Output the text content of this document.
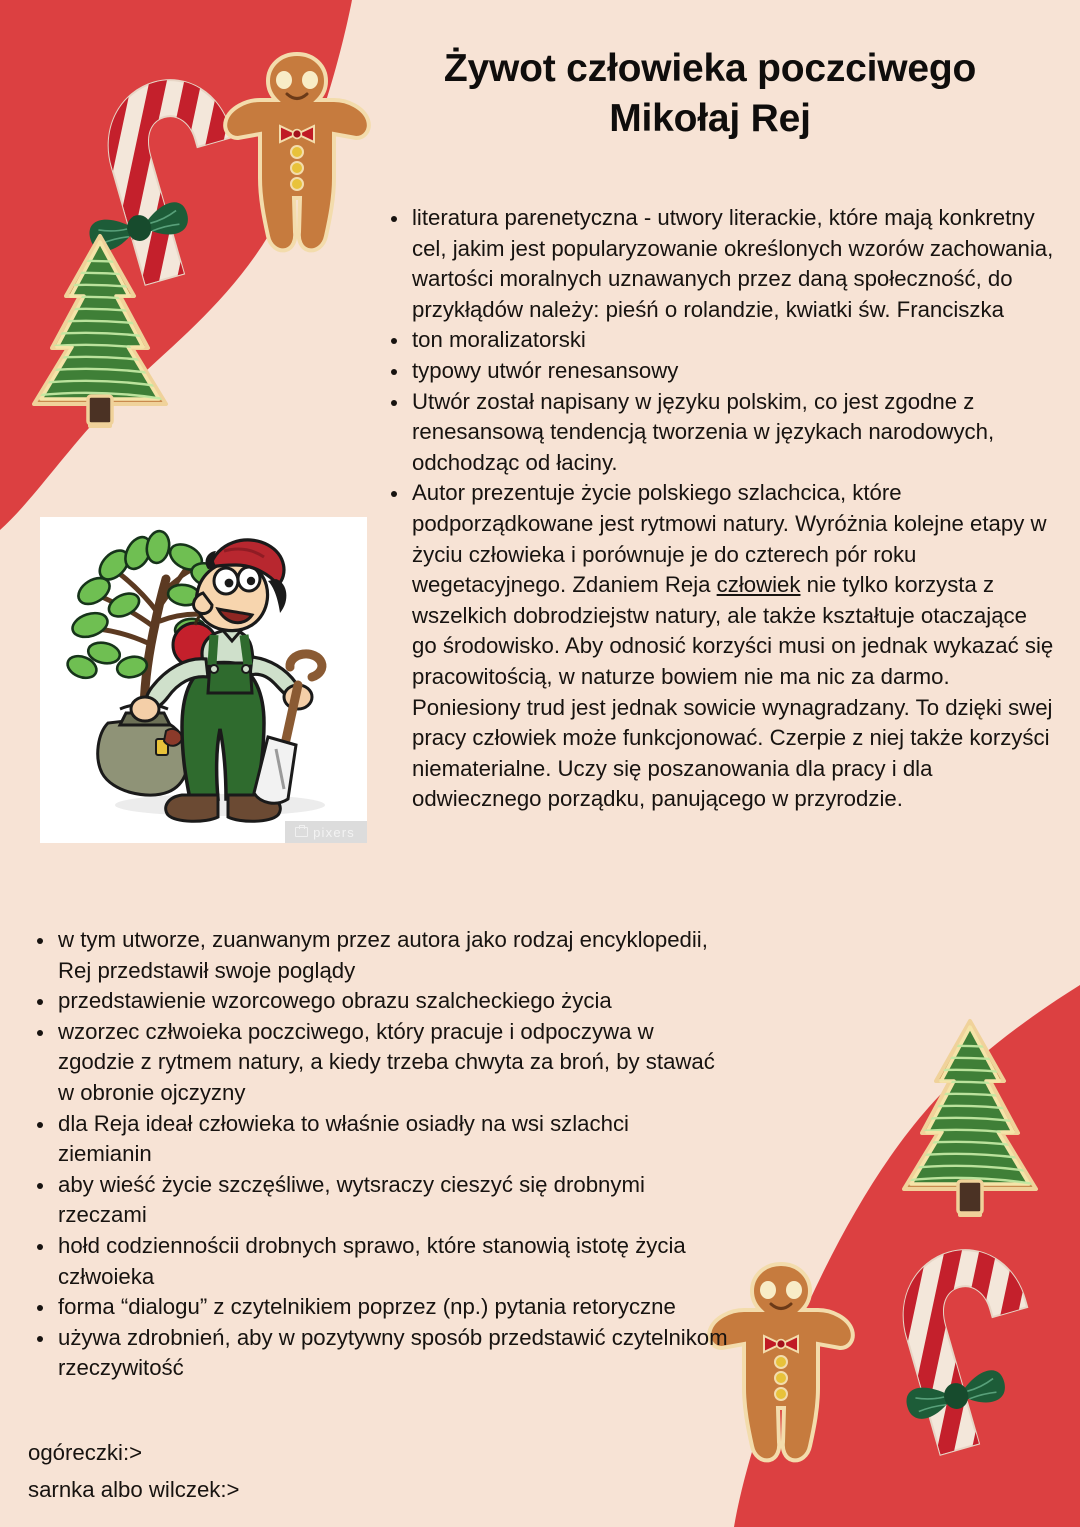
Żywot człowieka poczciwego
Mikołaj Rej
literatura parenetyczna - utwory literackie, które mają konkretny cel, jakim jest popularyzowanie określonych wzorów zachowania, wartości moralnych uznawanych przez daną społeczność, do przykłądów należy: pieśń o rolandzie, kwiatki św. Franciszka
ton moralizatorski
typowy utwór renesansowy
Utwór został napisany w języku polskim, co jest zgodne z renesansową tendencją tworzenia w językach narodowych, odchodząc od łaciny.
Autor prezentuje życie polskiego szlachcica, które podporządkowane jest rytmowi natury. Wyróżnia kolejne etapy w życiu człowieka i porównuje je do czterech pór roku wegetacyjnego. Zdaniem Reja człowiek nie tylko korzysta z wszelkich dobrodziejstw natury, ale także kształtuje otaczające go środowisko. Aby odnosić korzyści musi on jednak wykazać się pracowitością, w naturze bowiem nie ma nic za darmo. Poniesiony trud jest jednak sowicie wynagradzany. To dzięki swej pracy człowiek może funkcjonować. Czerpie z niej także korzyści niematerialne. Uczy się poszanowania dla pracy i dla odwiecznego porządku, panującego w przyrodzie.
w tym utworze, zuanwanym przez autora jako rodzaj encyklopedii, Rej przedstawił swoje poglądy
przedstawienie wzorcowego obrazu szalcheckiego życia
wzorzec człwoieka poczciwego, który pracuje i odpoczywa w zgodzie z rytmem natury, a kiedy trzeba chwyta za broń, by stawać w obronie ojczyzny
dla Reja ideał człowieka to właśnie osiadły na wsi szlachci ziemianin
aby wieść życie szczęśliwe, wytsraczy cieszyć się drobnymi rzeczami
hołd codziennościi drobnych sprawo, które stanowią istotę życia człwoieka
forma “dialogu” z czytelnikiem poprzez (np.) pytania retoryczne
używa zdrobnień, aby w pozytywny sposób przedstawić czytelnikom rzeczywitość
ogóreczki:>
sarnka albo wilczek:>
pixers
